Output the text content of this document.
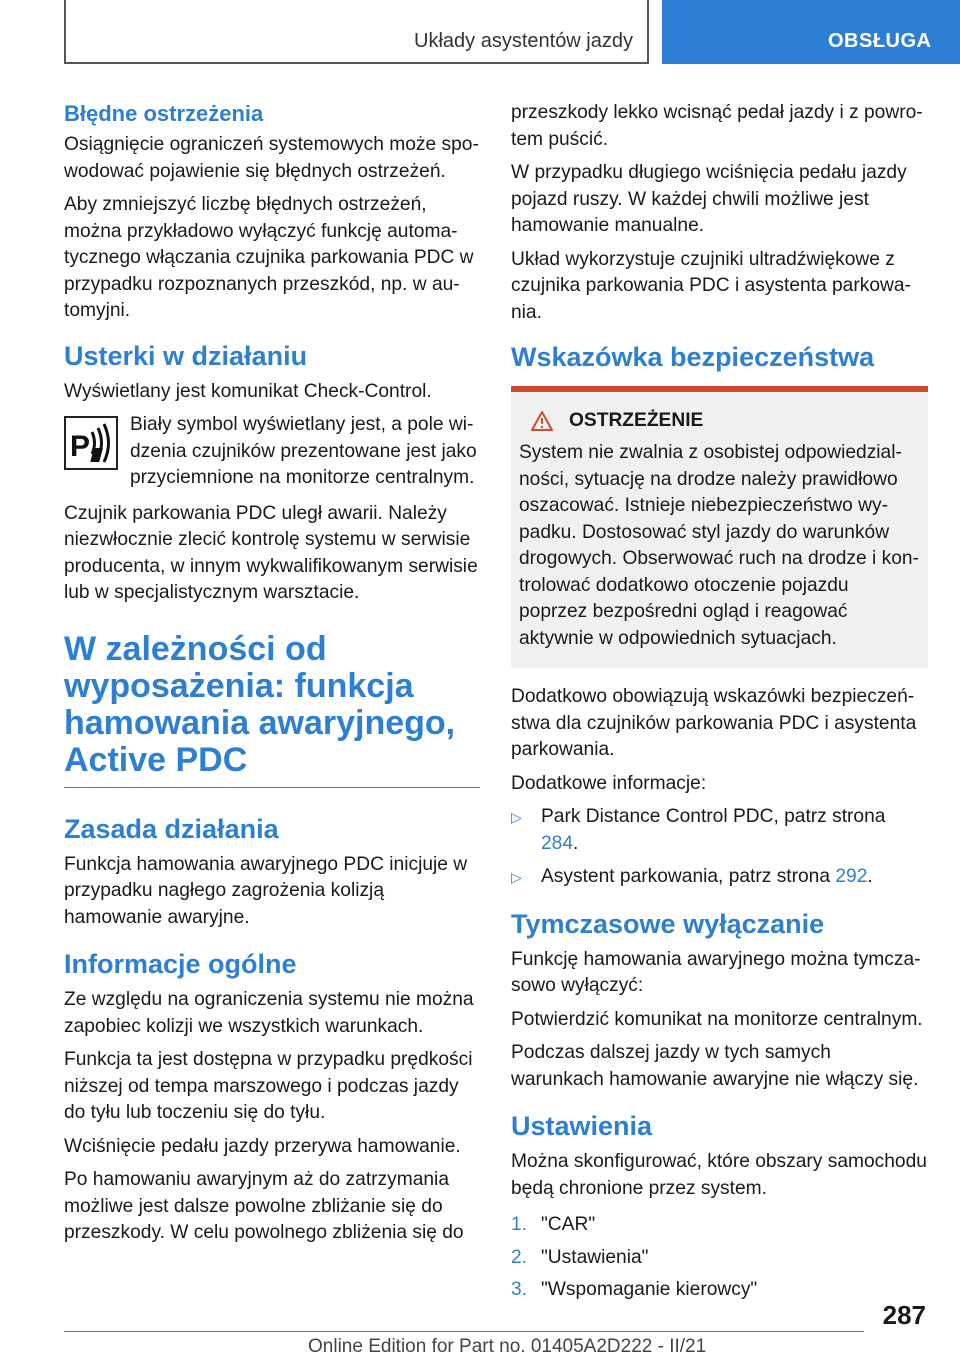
Układy asystentów jazdy	OBSŁUGA
Błędne ostrzeżenia

Osiągnięcie ograniczeń systemowych może spowodować pojawienie się błędnych ostrzeżeń.

Aby zmniejszyć liczbę błędnych ostrzeżeń, można przykładowo wyłączyć funkcję automatycznego włączania czujnika parkowania PDC w przypadku rozpoznanych przeszkód, np. w automyjni.

Usterki w działaniu

Wyświetlany jest komunikat Check-Control.

P

Biały symbol wyświetlany jest, a pole widzenia czujników prezentowane jest jako przyciemnione na monitorze centralnym.

Czujnik parkowania PDC uległ awarii. Należy niezwłocznie zlecić kontrolę systemu w serwisie producenta, w innym wykwalifikowanym serwisie lub w specjalistycznym warsztacie.

W zależności od wyposażenia: funkcja hamowania awaryjnego, Active PDC
Zasada działania

Funkcja hamowania awaryjnego PDC inicjuje w przypadku nagłego zagrożenia kolizją hamowanie awaryjne.

Informacje ogólne

Ze względu na ograniczenia systemu nie można zapobiec kolizji we wszystkich warunkach.

Funkcja ta jest dostępna w przypadku prędkości niższej od tempa marszowego i podczas jazdy do tyłu lub toczeniu się do tyłu.

Wciśnięcie pedału jazdy przerywa hamowanie.

Po hamowaniu awaryjnym aż do zatrzymania możliwe jest dalsze powolne zbliżanie się do przeszkody. W celu powolnego zbliżenia się do

przeszkody lekko wcisnąć pedał jazdy i z powrotem puścić.

W przypadku długiego wciśnięcia pedału jazdy pojazd ruszy. W każdej chwili możliwe jest hamowanie manualne.

Układ wykorzystuje czujniki ultradźwiękowe z czujnika parkowania PDC i asystenta parkowania.

Wskazówka bezpieczeństwa
OSTRZEŻENIE

System nie zwalnia z osobistej odpowiedzialności, sytuację na drodze należy prawidłowo oszacować. Istnieje niebezpieczeństwo wypadku. Dostosować styl jazdy do warunków drogowych. Obserwować ruch na drodze i kontrolować dodatkowo otoczenie pojazdu poprzez bezpośredni ogląd i reagować aktywnie w odpowiednich sytuacjach.

Dodatkowo obowiązują wskazówki bezpieczeństwa dla czujników parkowania PDC i asystenta parkowania.

Dodatkowe informacje:

▷	Park Distance Control PDC, patrz strona 284.

▷	Asystent parkowania, patrz strona 292.

Tymczasowe wyłączanie

Funkcję hamowania awaryjnego można tymczasowo wyłączyć:

Potwierdzić komunikat na monitorze centralnym.

Podczas dalszej jazdy w tych samych warunkach hamowanie awaryjne nie włączy się.

Ustawienia

Można skonfigurować, które obszary samochodu będą chronione przez system.

1. "CAR"

2. "Ustawienia"

3. "Wspomaganie kierowcy"

287
Online Edition for Part no. 01405A2D222 - II/21
